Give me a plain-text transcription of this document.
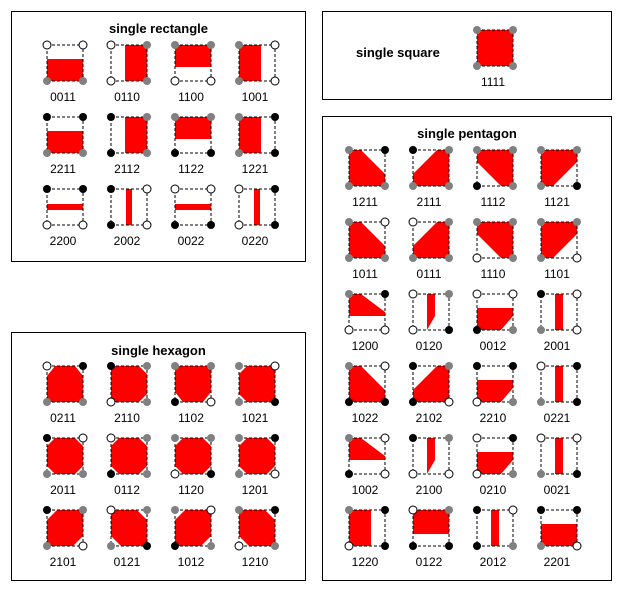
single rectangle
0011	0110	1100	1001
2211	2112	1122	1221
2200	2002	0022	0220
single square
1111
single pentagon
1211	2111	1112	1121
1011	0111	1110	1101
1200	0120	0012	2001
1022	2102	2210	0221
1002	2100	0210	0021
1220	0122	2012	2201
single hexagon
0211	2110	1102	1021
2011	0112	1120	1201
2101	0121	1012	1210
